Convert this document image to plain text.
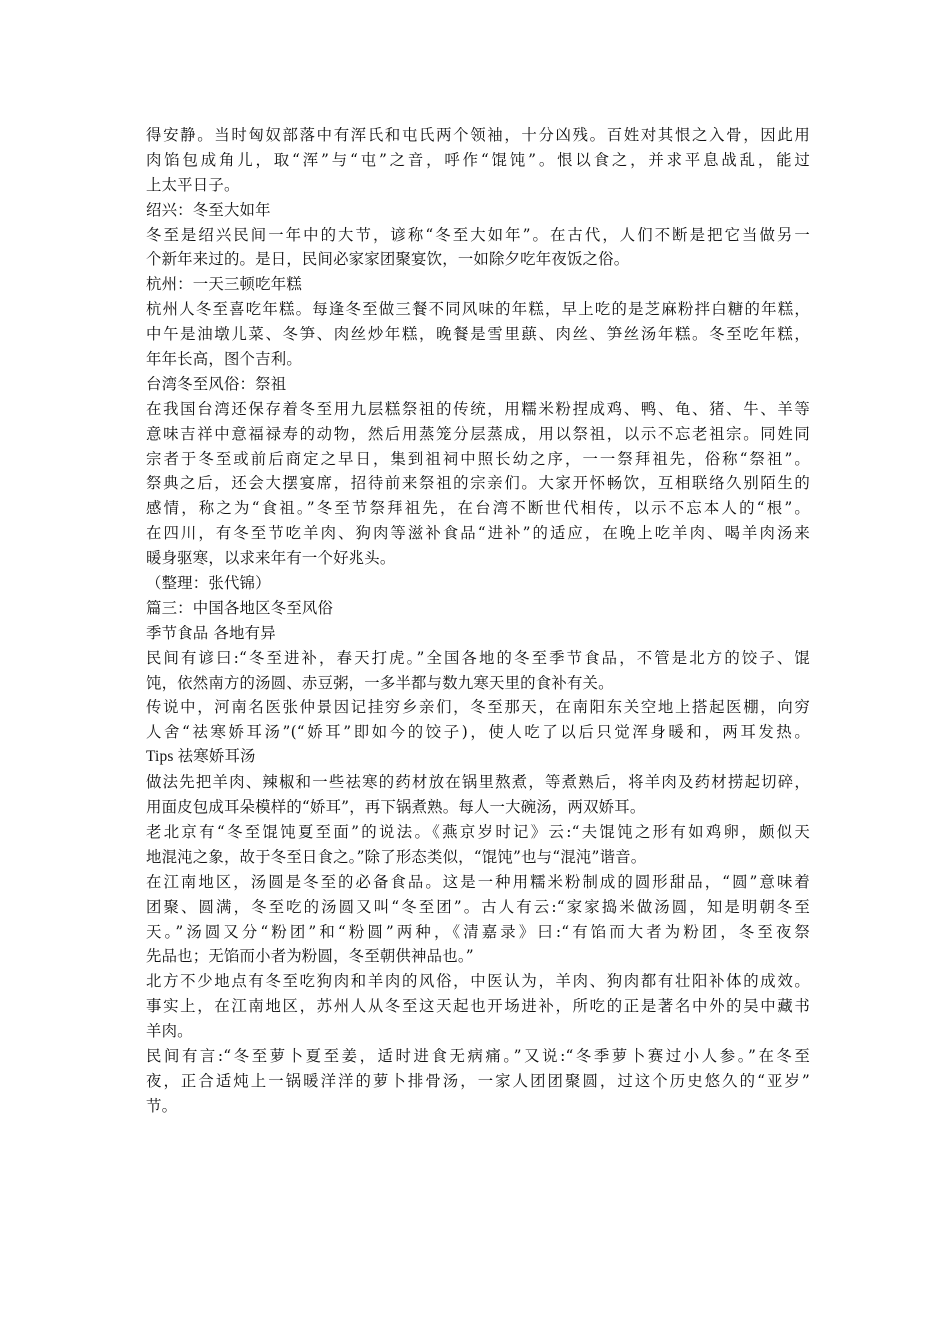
得安静。当时匈奴部落中有浑氏和屯氏两个领袖，十分凶残。百姓对其恨之入骨，因此用
肉馅包成角儿，取“浑”与“屯”之音，呼作“馄饨”。恨以食之，并求平息战乱，能过
上太平日子。
绍兴：冬至大如年
冬至是绍兴民间一年中的大节，谚称“冬至大如年”。在古代，人们不断是把它当做另一
个新年来过的。是日，民间必家家团聚宴饮，一如除夕吃年夜饭之俗。
杭州：一天三顿吃年糕
杭州人冬至喜吃年糕。每逢冬至做三餐不同风味的年糕，早上吃的是芝麻粉拌白糖的年糕，
中午是油墩儿菜、冬笋、肉丝炒年糕，晚餐是雪里蕻、肉丝、笋丝汤年糕。冬至吃年糕，
年年长高，图个吉利。
台湾冬至风俗：祭祖
在我国台湾还保存着冬至用九层糕祭祖的传统，用糯米粉捏成鸡、鸭、龟、猪、牛、羊等
意味吉祥中意福禄寿的动物，然后用蒸笼分层蒸成，用以祭祖，以示不忘老祖宗。同姓同
宗者于冬至或前后商定之早日，集到祖祠中照长幼之序，一一祭拜祖先，俗称“祭祖”。
祭典之后，还会大摆宴席，招待前来祭祖的宗亲们。大家开怀畅饮，互相联络久别陌生的
感情，称之为“食祖。”冬至节祭拜祖先，在台湾不断世代相传，以示不忘本人的“根”。
在四川，有冬至节吃羊肉、狗肉等滋补食品“进补”的适应，在晚上吃羊肉、喝羊肉汤来
暖身驱寒，以求来年有一个好兆头。
（整理：张代锦）
篇三：中国各地区冬至风俗
季节食品 各地有异
民间有谚曰:“冬至进补，春天打虎。”全国各地的冬至季节食品，不管是北方的饺子、馄
饨，依然南方的汤圆、赤豆粥，一多半都与数九寒天里的食补有关。
传说中，河南名医张仲景因记挂穷乡亲们，冬至那天，在南阳东关空地上搭起医棚，向穷
人舍“祛寒娇耳汤”(“娇耳”即如今的饺子)，使人吃了以后只觉浑身暖和，两耳发热。
Tips 祛寒娇耳汤
做法先把羊肉、辣椒和一些祛寒的药材放在锅里熬煮，等煮熟后，将羊肉及药材捞起切碎，
用面皮包成耳朵模样的“娇耳”，再下锅煮熟。每人一大碗汤，两双娇耳。
老北京有“冬至馄饨夏至面”的说法。《燕京岁时记》云:“夫馄饨之形有如鸡卵，颇似天
地混沌之象，故于冬至日食之。”除了形态类似，“馄饨”也与“混沌”谐音。
在江南地区，汤圆是冬至的必备食品。这是一种用糯米粉制成的圆形甜品，“圆”意味着
团聚、圆满，冬至吃的汤圆又叫“冬至团”。古人有云:“家家捣米做汤圆，知是明朝冬至
天。”汤圆又分“粉团”和“粉圆”两种，《清嘉录》曰:“有馅而大者为粉团，冬至夜祭
先品也；无馅而小者为粉圆，冬至朝供神品也。”
北方不少地点有冬至吃狗肉和羊肉的风俗，中医认为，羊肉、狗肉都有壮阳补体的成效。
事实上，在江南地区，苏州人从冬至这天起也开场进补，所吃的正是著名中外的吴中藏书
羊肉。
民间有言:“冬至萝卜夏至姜，适时进食无病痛。”又说:“冬季萝卜赛过小人参。”在冬至
夜，正合适炖上一锅暖洋洋的萝卜排骨汤，一家人团团聚圆，过这个历史悠久的“亚岁”
节。
